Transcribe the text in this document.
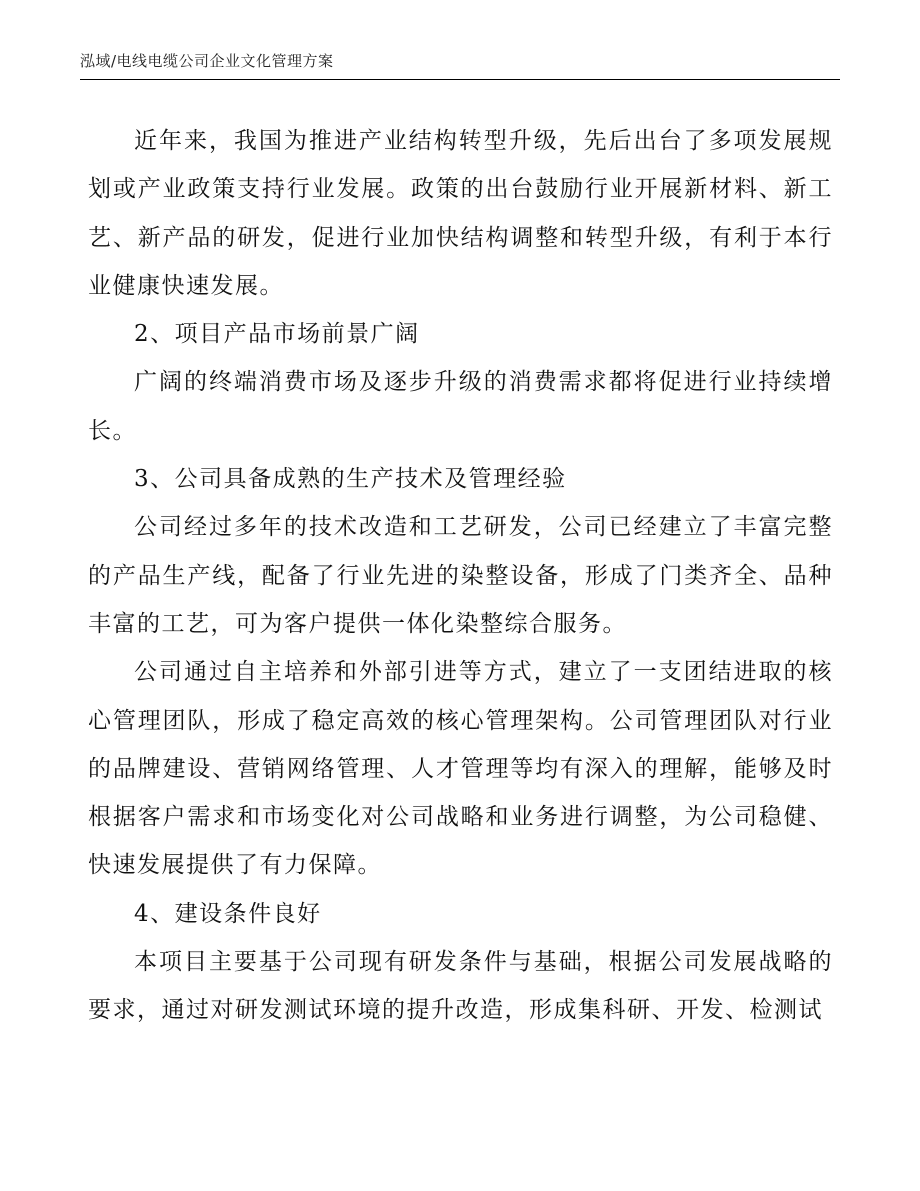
泓域/电线电缆公司企业文化管理方案

近年来，我国为推进产业结构转型升级，先后出台了多项发展规划或产业政策支持行业发展。政策的出台鼓励行业开展新材料、新工艺、新产品的研发，促进行业加快结构调整和转型升级，有利于本行业健康快速发展。

2、项目产品市场前景广阔

广阔的终端消费市场及逐步升级的消费需求都将促进行业持续增长。

3、公司具备成熟的生产技术及管理经验

公司经过多年的技术改造和工艺研发，公司已经建立了丰富完整的产品生产线，配备了行业先进的染整设备，形成了门类齐全、品种丰富的工艺，可为客户提供一体化染整综合服务。

公司通过自主培养和外部引进等方式，建立了一支团结进取的核心管理团队，形成了稳定高效的核心管理架构。公司管理团队对行业的品牌建设、营销网络管理、人才管理等均有深入的理解，能够及时根据客户需求和市场变化对公司战略和业务进行调整，为公司稳健、快速发展提供了有力保障。

4、建设条件良好

本项目主要基于公司现有研发条件与基础，根据公司发展战略的要求，通过对研发测试环境的提升改造，形成集科研、开发、检测试
